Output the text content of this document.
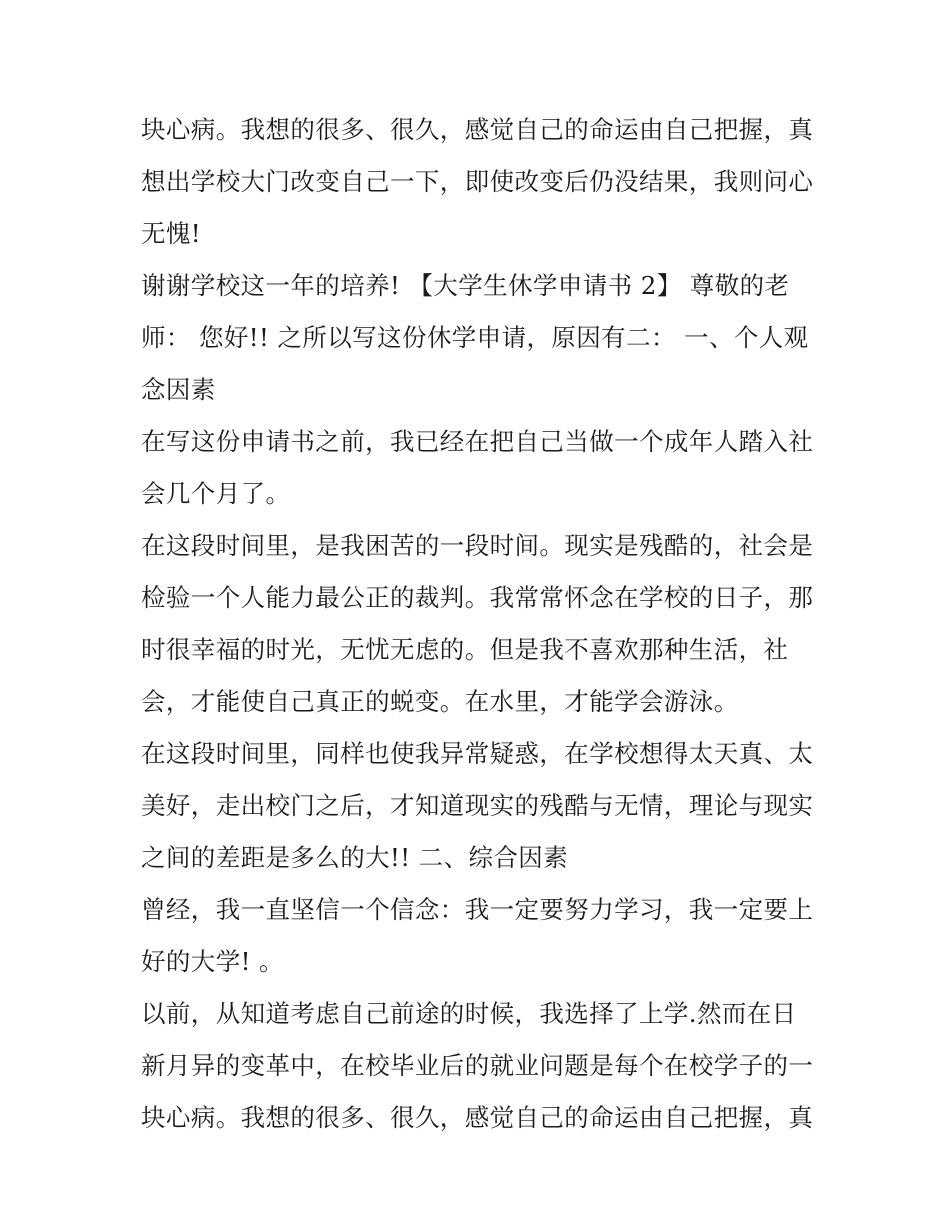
块心病。我想的很多、很久，感觉自己的命运由自己把握，真
想出学校大门改变自己一下，即使改变后仍没结果，我则问心
无愧!
谢谢学校这一年的培养! 【大学生休学申请书 2】 尊敬的老
师： 您好!! 之所以写这份休学申请，原因有二： 一、个人观
念因素
在写这份申请书之前，我已经在把自己当做一个成年人踏入社
会几个月了。
在这段时间里，是我困苦的一段时间。现实是残酷的，社会是
检验一个人能力最公正的裁判。我常常怀念在学校的日子，那
时很幸福的时光，无忧无虑的。但是我不喜欢那种生活，社
会，才能使自己真正的蜕变。在水里，才能学会游泳。
在这段时间里，同样也使我异常疑惑，在学校想得太天真、太
美好，走出校门之后，才知道现实的残酷与无情，理论与现实
之间的差距是多么的大!! 二、综合因素
曾经，我一直坚信一个信念：我一定要努力学习，我一定要上
好的大学! 。
以前，从知道考虑自己前途的时候，我选择了上学.然而在日
新月异的变革中，在校毕业后的就业问题是每个在校学子的一
块心病。我想的很多、很久，感觉自己的命运由自己把握，真
